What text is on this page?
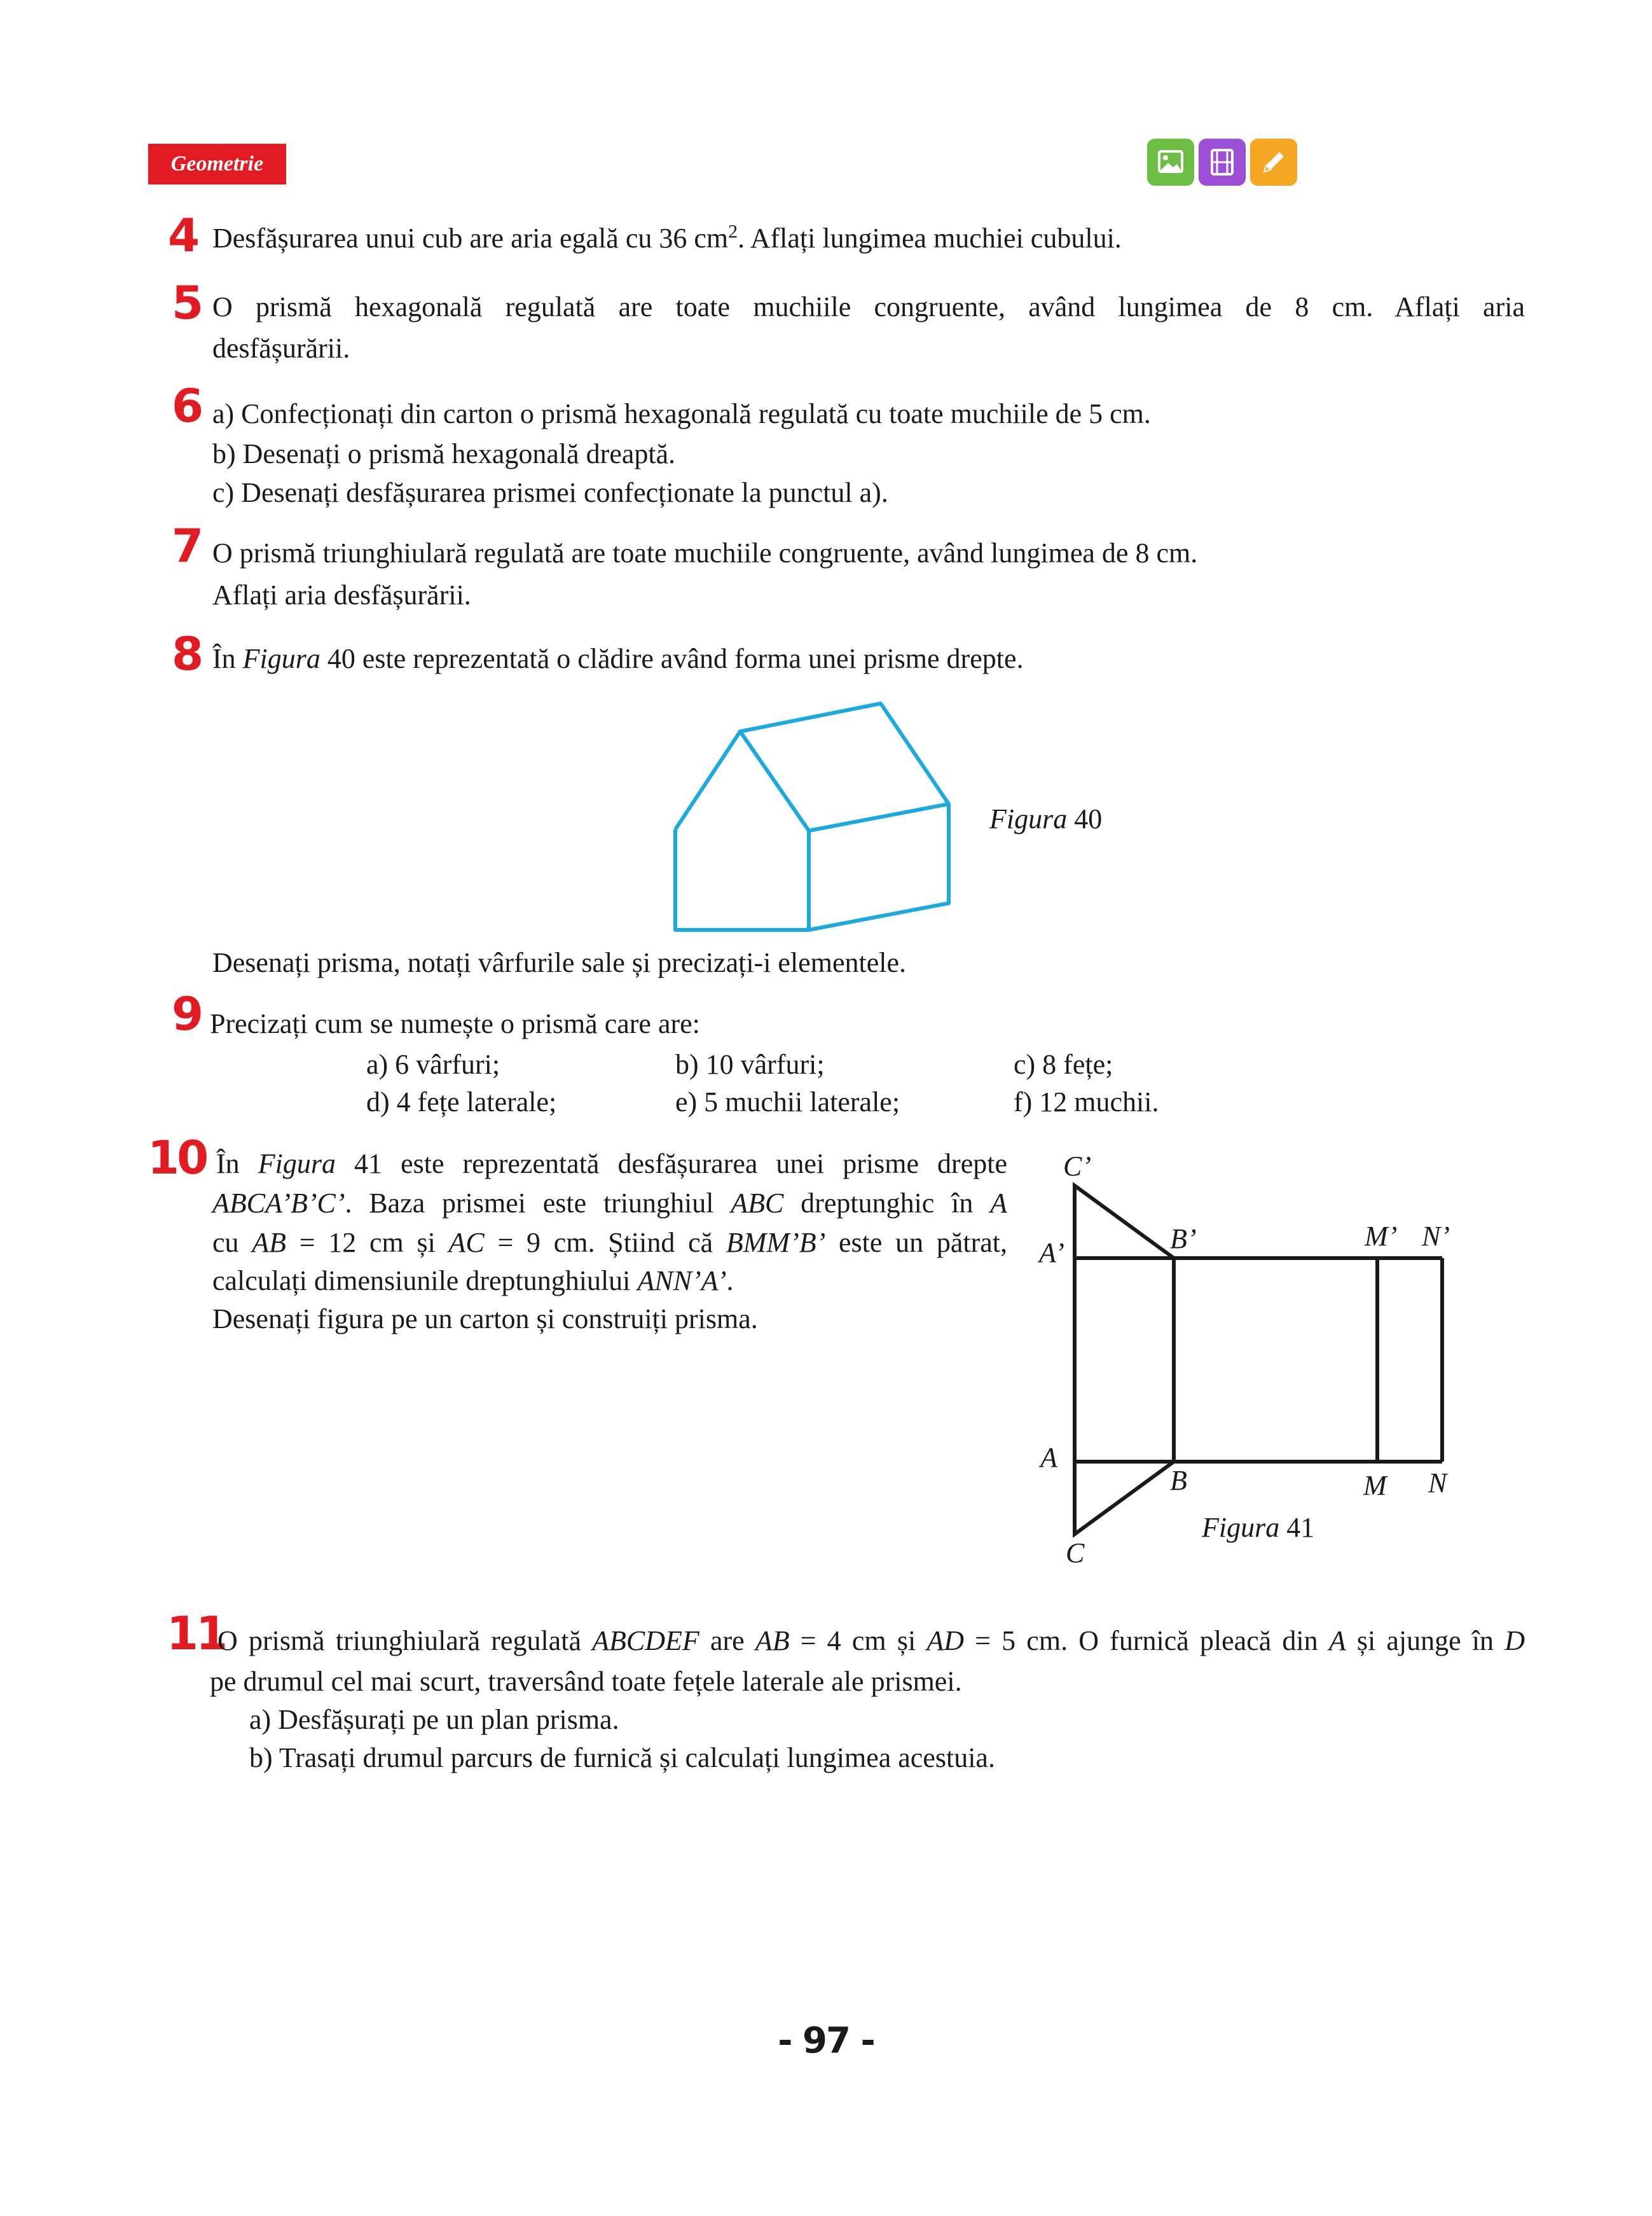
Geometrie
4 Desfășurarea unui cub are aria egală cu 36 $cm^2$. Aflați lungimea muchiei cubului.
5 O prismă hexagonală regulată are toate muchiile congruente, având lungimea de 8 cm. Aflați aria
desfășurării.
6 a) Confecționați din carton o prismă hexagonală regulată cu toate muchiile de 5 cm.
b) Desenați o prismă hexagonală dreaptă.
c) Desenați desfășurarea prismei confecționate la punctul a).
7 O prismă triunghiulară regulată are toate muchiile congruente, având lungimea de 8 cm.
Aflați aria desfășurării.
8 În Figura 40 este reprezentată o clădire având forma unei prisme drepte.
Figura 40
Desenați prisma, notați vârfurile sale și precizați-i elementele.
9 Precizați cum se numește o prismă care are:
a) 6 vârfuri;	b) 10 vârfuri;	c) 8 fețe;
d) 4 fețe laterale;	e) 5 muchii laterale;	f) 12 muchii.
10 În Figura 41 este reprezentată desfășurarea unei prisme drepte
ABCA’B’C’. Baza prismei este triunghiul ABC dreptunghic în A
cu AB = 12 cm și AC = 9 cm. Știind că BMM’B’ este un pătrat,
calculați dimensiunile dreptunghiului ANN’A’.
Desenați figura pe un carton și construiți prisma.
C’
A’	B’	M’ N’
A
B	M N
C
Figura 41
11
O prismă triunghiulară regulată ABCDEF are AB = 4 cm și AD = 5 cm. O furnică pleacă din A și ajunge în D
pe drumul cel mai scurt, traversând toate fețele laterale ale prismei.
a) Desfășurați pe un plan prisma.
b) Trasați drumul parcurs de furnică și calculați lungimea acestuia.
- 97 -
